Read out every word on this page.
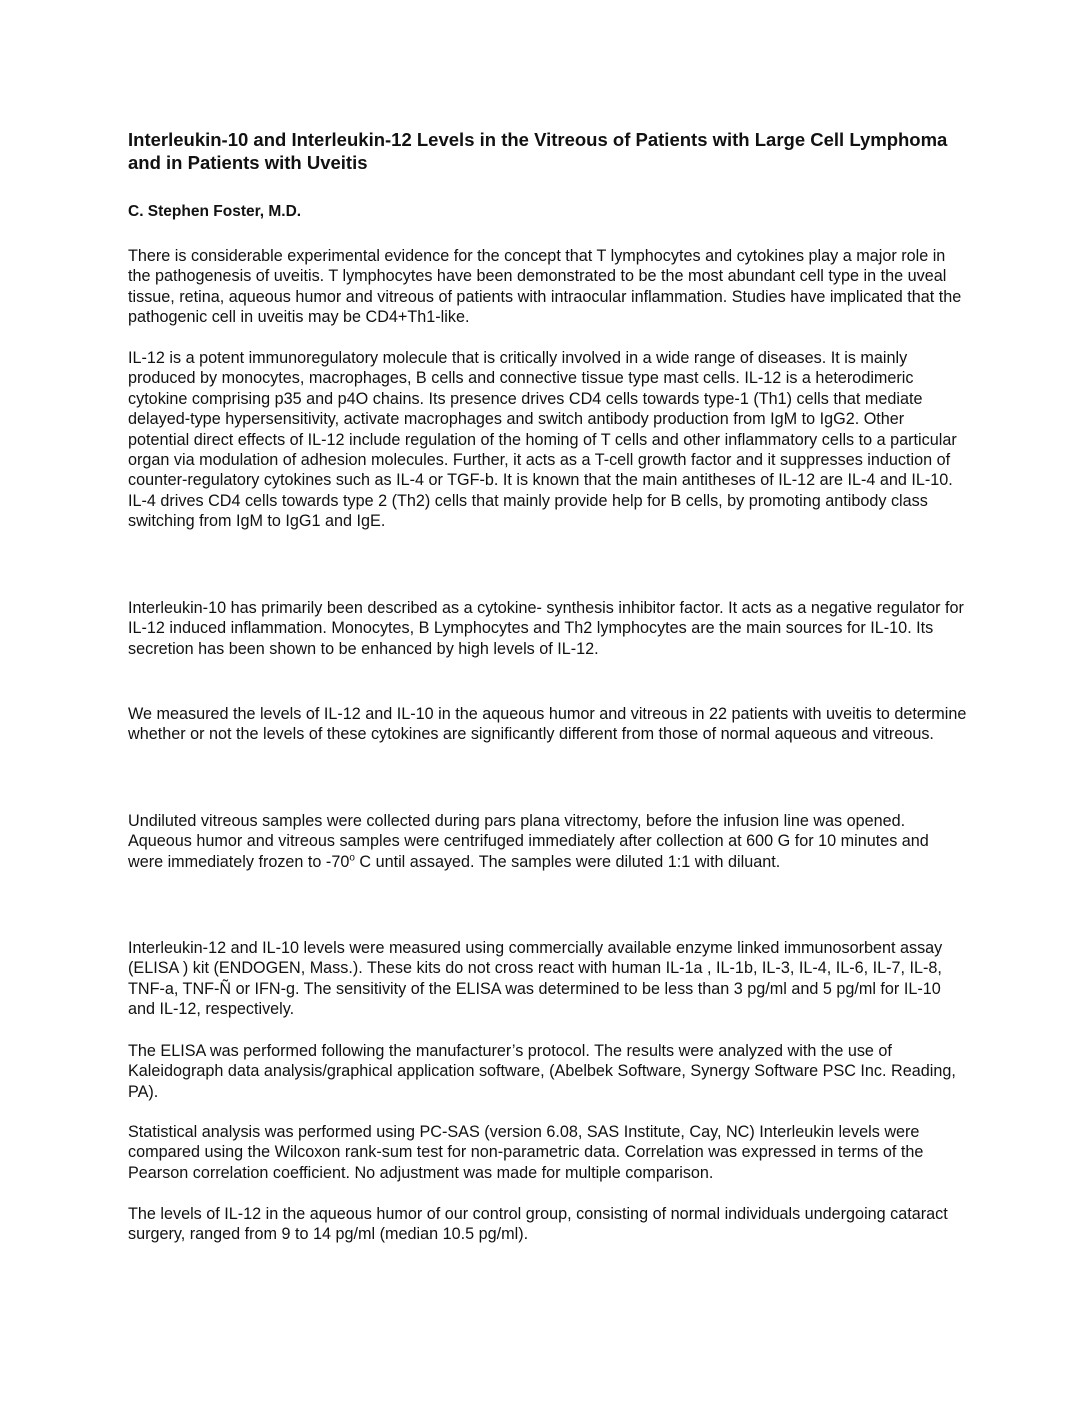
Interleukin-10 and Interleukin-12 Levels in the Vitreous of Patients with Large Cell Lymphoma and in Patients with Uveitis

C. Stephen Foster, M.D.

There is considerable experimental evidence for the concept that T lymphocytes and cytokines play a major role in the pathogenesis of uveitis. T lymphocytes have been demonstrated to be the most abundant cell type in the uveal tissue, retina, aqueous humor and vitreous of patients with intraocular inflammation. Studies have implicated that the pathogenic cell in uveitis may be CD4+Th1-like.

IL-12 is a potent immunoregulatory molecule that is critically involved in a wide range of diseases. It is mainly produced by monocytes, macrophages, B cells and connective tissue type mast cells. IL-12 is a heterodimeric cytokine comprising p35 and p4O chains. Its presence drives CD4 cells towards type-1 (Th1) cells that mediate delayed-type hypersensitivity, activate macrophages and switch antibody production from IgM to IgG2. Other potential direct effects of IL-12 include regulation of the homing of T cells and other inflammatory cells to a particular organ via modulation of adhesion molecules. Further, it acts as a T-cell growth factor and it suppresses induction of counter-regulatory cytokines such as IL-4 or TGF-b. It is known that the main antitheses of IL-12 are IL-4 and IL-10. IL-4 drives CD4 cells towards type 2 (Th2) cells that mainly provide help for B cells, by promoting antibody class switching from IgM to IgG1 and IgE.

Interleukin-10 has primarily been described as a cytokine- synthesis inhibitor factor. It acts as a negative regulator for IL-12 induced inflammation. Monocytes, B Lymphocytes and Th2 lymphocytes are the main sources for IL-10. Its secretion has been shown to be enhanced by high levels of IL-12.

We measured the levels of IL-12 and IL-10 in the aqueous humor and vitreous in 22 patients with uveitis to determine whether or not the levels of these cytokines are significantly different from those of normal aqueous and vitreous.

Undiluted vitreous samples were collected during pars plana vitrectomy, before the infusion line was opened. Aqueous humor and vitreous samples were centrifuged immediately after collection at 600 G for 10 minutes and were immediately frozen to -70$^o$ C until assayed. The samples were diluted 1:1 with diluant.

Interleukin-12 and IL-10 levels were measured using commercially available enzyme linked immunosorbent assay (ELISA ) kit (ENDOGEN, Mass.). These kits do not cross react with human IL-1a , IL-1b, IL-3, IL-4, IL-6, IL-7, IL-8, TNF-a, TNF-Ñ or IFN-g. The sensitivity of the ELISA was determined to be less than 3 pg/ml and 5 pg/ml for IL-10 and IL-12, respectively.

The ELISA was performed following the manufacturer’s protocol. The results were analyzed with the use of Kaleidograph data analysis/graphical application software, (Abelbek Software, Synergy Software PSC Inc. Reading, PA).

Statistical analysis was performed using PC-SAS (version 6.08, SAS Institute, Cay, NC) Interleukin levels were compared using the Wilcoxon rank-sum test for non-parametric data. Correlation was expressed in terms of the Pearson correlation coefficient. No adjustment was made for multiple comparison.

The levels of IL-12 in the aqueous humor of our control group, consisting of normal individuals undergoing cataract surgery, ranged from 9 to 14 pg/ml (median 10.5 pg/ml).
